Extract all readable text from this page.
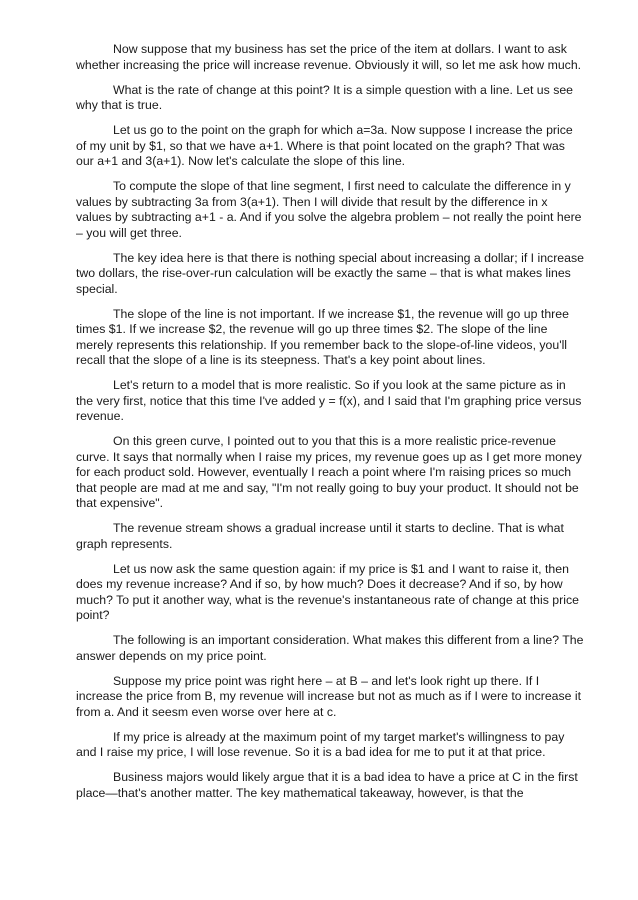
Now suppose that my business has set the price of the item at dollars. I want to ask whether increasing the price will increase revenue. Obviously it will, so let me ask how much.

What is the rate of change at this point? It is a simple question with a line. Let us see why that is true.

Let us go to the point on the graph for which a=3a. Now suppose I increase the price of my unit by $1, so that we have a+1. Where is that point located on the graph? That was our a+1 and 3(a+1). Now let's calculate the slope of this line.

To compute the slope of that line segment, I first need to calculate the difference in y values by subtracting 3a from 3(a+1). Then I will divide that result by the difference in x values by subtracting a+1 - a. And if you solve the algebra problem – not really the point here – you will get three.

The key idea here is that there is nothing special about increasing a dollar; if I increase two dollars, the rise-over-run calculation will be exactly the same – that is what makes lines special.

The slope of the line is not important. If we increase $1, the revenue will go up three times $1. If we increase $2, the revenue will go up three times $2. The slope of the line merely represents this relationship. If you remember back to the slope-of-line videos, you'll recall that the slope of a line is its steepness. That's a key point about lines.

Let's return to a model that is more realistic. So if you look at the same picture as in the very first, notice that this time I've added y = f(x), and I said that I'm graphing price versus revenue.

On this green curve, I pointed out to you that this is a more realistic price-revenue curve. It says that normally when I raise my prices, my revenue goes up as I get more money for each product sold. However, eventually I reach a point where I'm raising prices so much that people are mad at me and say, "I'm not really going to buy your product. It should not be that expensive".

The revenue stream shows a gradual increase until it starts to decline. That is what graph represents.

Let us now ask the same question again: if my price is $1 and I want to raise it, then does my revenue increase? And if so, by how much? Does it decrease? And if so, by how much? To put it another way, what is the revenue's instantaneous rate of change at this price point?

The following is an important consideration. What makes this different from a line? The answer depends on my price point.

Suppose my price point was right here – at B – and let's look right up there. If I increase the price from B, my revenue will increase but not as much as if I were to increase it from a. And it seesm even worse over here at c.

If my price is already at the maximum point of my target market's willingness to pay and I raise my price, I will lose revenue. So it is a bad idea for me to put it at that price.

Business majors would likely argue that it is a bad idea to have a price at C in the first place—that's another matter. The key mathematical takeaway, however, is that the
